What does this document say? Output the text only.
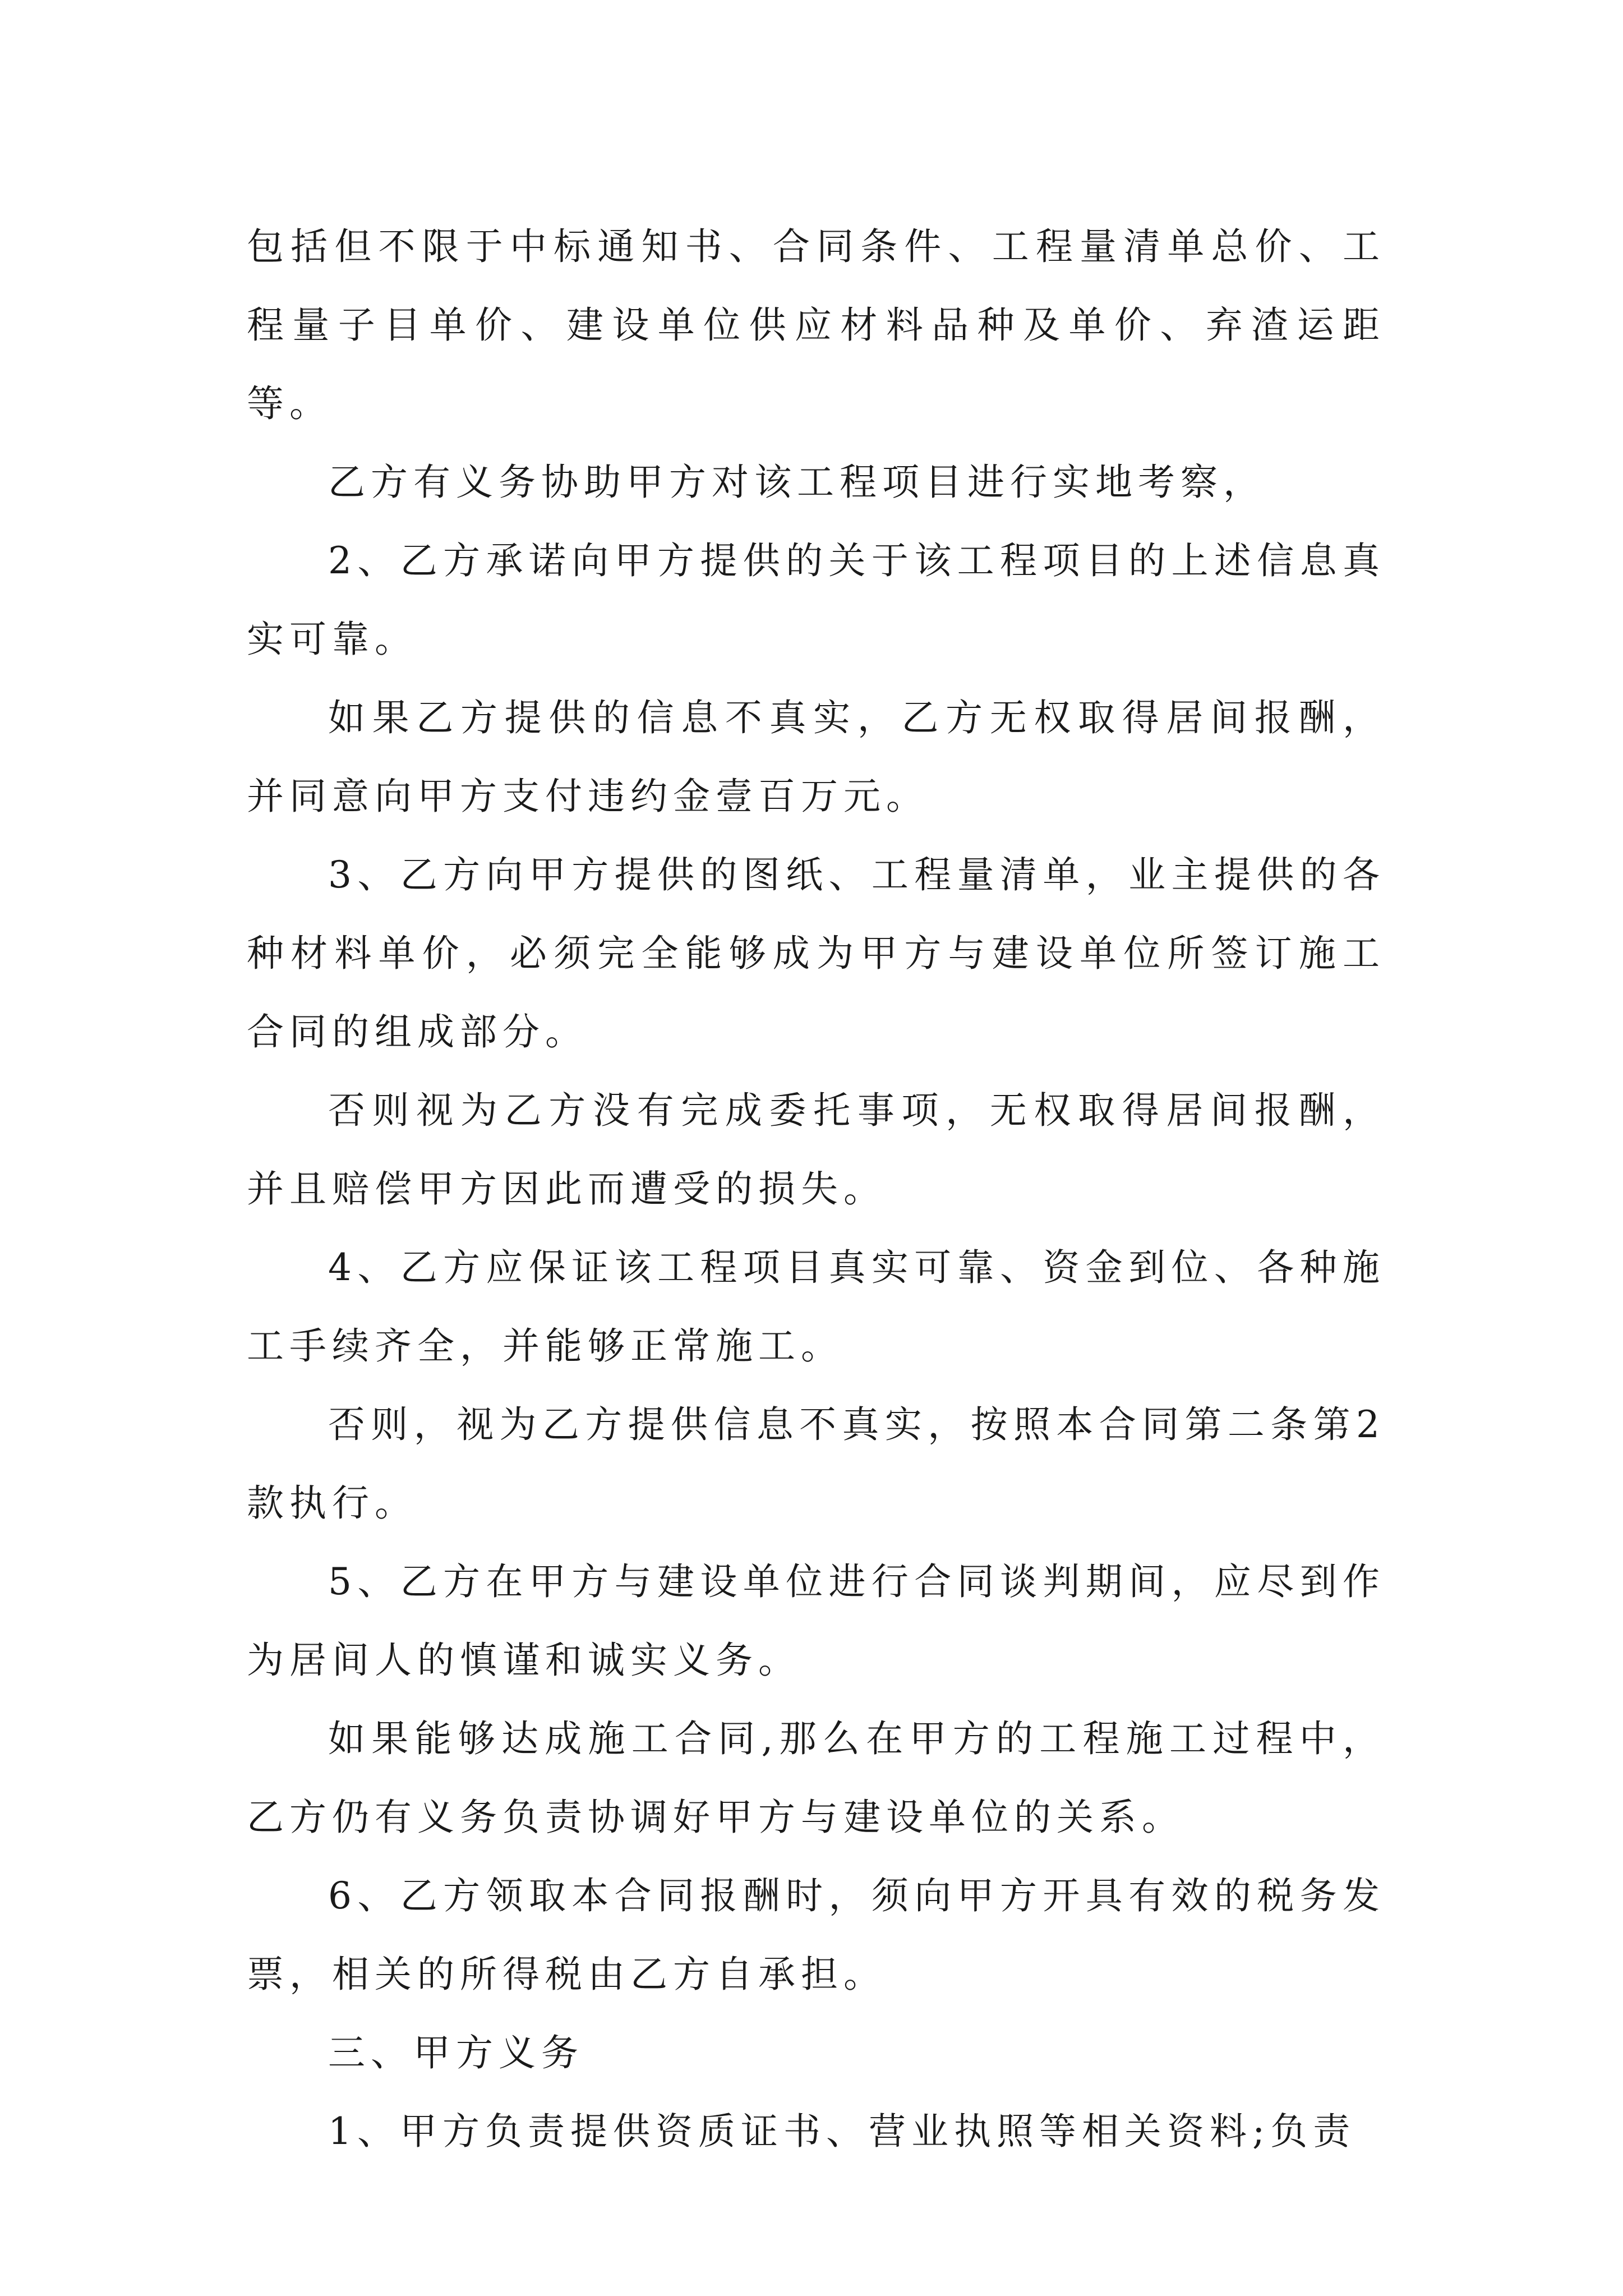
包括但不限于中标通知书、合同条件、工程量清单总价、工程量子目单价、建设单位供应材料品种及单价、弃渣运距等。

乙方有义务协助甲方对该工程项目进行实地考察，

2、乙方承诺向甲方提供的关于该工程项目的上述信息真实可靠。

如果乙方提供的信息不真实，乙方无权取得居间报酬，并同意向甲方支付违约金壹百万元。

3、乙方向甲方提供的图纸、工程量清单，业主提供的各种材料单价，必须完全能够成为甲方与建设单位所签订施工合同的组成部分。

否则视为乙方没有完成委托事项，无权取得居间报酬，并且赔偿甲方因此而遭受的损失。

4、乙方应保证该工程项目真实可靠、资金到位、各种施工手续齐全，并能够正常施工。

否则，视为乙方提供信息不真实，按照本合同第二条第2款执行。

5、乙方在甲方与建设单位进行合同谈判期间，应尽到作为居间人的慎谨和诚实义务。

如果能够达成施工合同,那么在甲方的工程施工过程中，乙方仍有义务负责协调好甲方与建设单位的关系。

6、乙方领取本合同报酬时，须向甲方开具有效的税务发票，相关的所得税由乙方自承担。

三、甲方义务

1、甲方负责提供资质证书、营业执照等相关资料;负责
